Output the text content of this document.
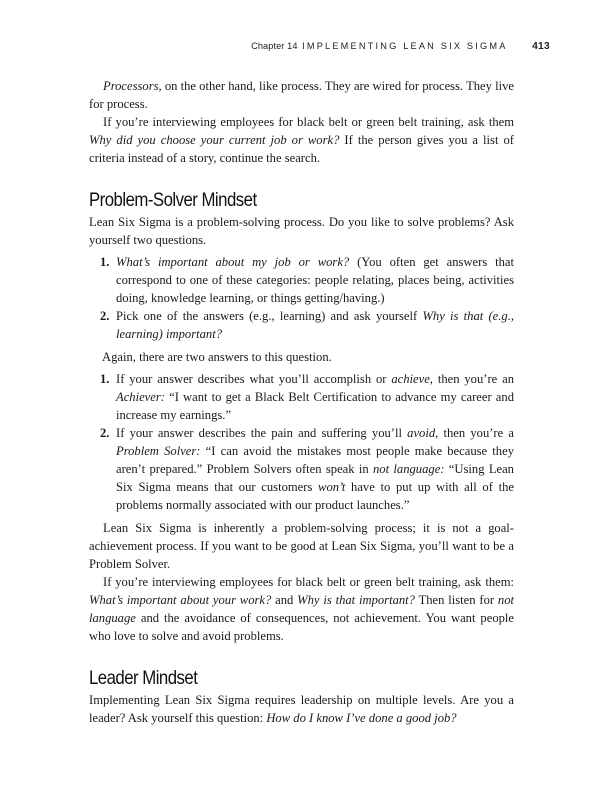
Chapter 14 IMPLEMENTING LEAN SIX SIGMA 413

Processors, on the other hand, like process. They are wired for process. They live for process.

If you’re interviewing employees for black belt or green belt training, ask them Why did you choose your current job or work? If the person gives you a list of criteria instead of a story, continue the search.

Problem-Solver Mindset

Lean Six Sigma is a problem-solving process. Do you like to solve problems? Ask yourself two questions.

1. What’s important about my job or work? (You often get answers that correspond to one of these categories: people relating, places being, activities doing, knowledge learning, or things getting/having.)
2. Pick one of the answers (e.g., learning) and ask yourself Why is that (e.g., learning) important?

Again, there are two answers to this question.

1. If your answer describes what you’ll accomplish or achieve, then you’re an Achiever: “I want to get a Black Belt Certification to advance my career and increase my earnings.”
2. If your answer describes the pain and suffering you’ll avoid, then you’re a Problem Solver: “I can avoid the mistakes most people make because they aren’t prepared.” Problem Solvers often speak in not language: “Using Lean Six Sigma means that our customers won’t have to put up with all of the problems normally associated with our product launches.”

Lean Six Sigma is inherently a problem-solving process; it is not a goal-achievement process. If you want to be good at Lean Six Sigma, you’ll want to be a Problem Solver.

If you’re interviewing employees for black belt or green belt training, ask them: What’s important about your work? and Why is that important? Then listen for not language and the avoidance of consequences, not achievement. You want people who love to solve and avoid problems.

Leader Mindset

Implementing Lean Six Sigma requires leadership on multiple levels. Are you a leader? Ask yourself this question: How do I know I’ve done a good job?
